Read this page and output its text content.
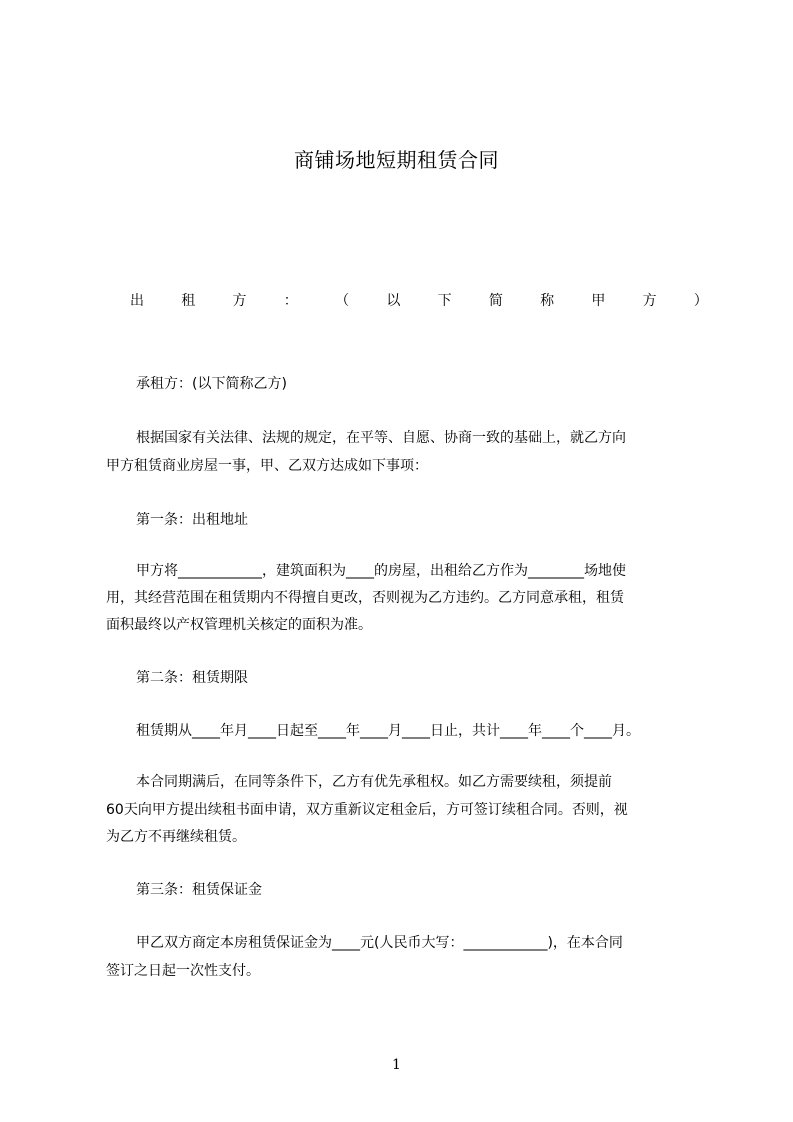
商铺场地短期租赁合同
出	租	方	：	（	以	下	简	称	甲	方	）
承租方：(以下简称乙方)
根据国家有关法律、法规的规定，在平等、自愿、协商一致的基础上，就乙方向
甲方租赁商业房屋一事，甲、乙双方达成如下事项：
第一条：出租地址
甲方将____________，建筑面积为____的房屋，出租给乙方作为________场地使
用，其经营范围在租赁期内不得擅自更改，否则视为乙方违约。乙方同意承租，租赁
面积最终以产权管理机关核定的面积为准。
第二条：租赁期限
租赁期从____年月____日起至____年____月____日止，共计____年____个____月。
本合同期满后，在同等条件下，乙方有优先承租权。如乙方需要续租，须提前
60天向甲方提出续租书面申请，双方重新议定租金后，方可签订续租合同。否则，视
为乙方不再继续租赁。
第三条：租赁保证金
甲乙双方商定本房租赁保证金为____元(人民币大写：____________)，在本合同
签订之日起一次性支付。
1
